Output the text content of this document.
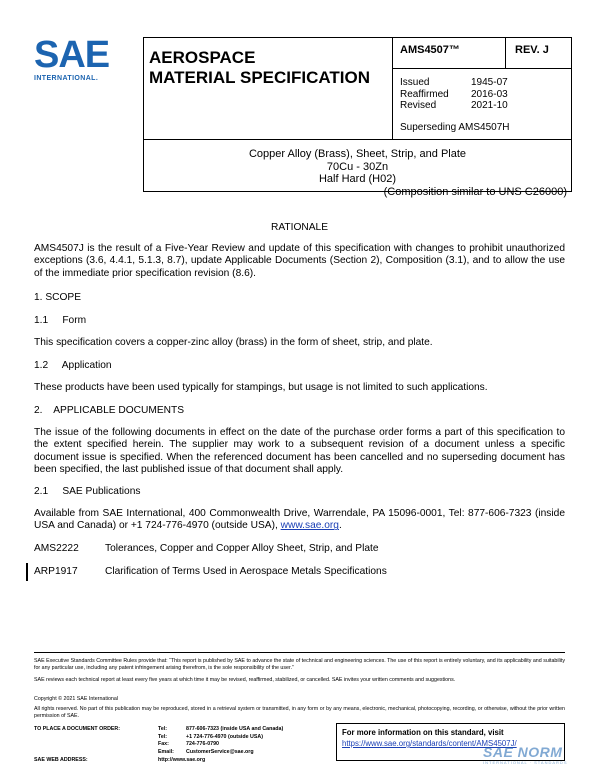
SAE
INTERNATIONAL.
AEROSPACE
MATERIAL SPECIFICATION
AMS4507™	REV. J
Issued	1945-07
Reaffirmed 2016-03
Revised	2021-10
Superseding AMS4507H
Copper Alloy (Brass), Sheet, Strip, and Plate
70Cu - 30Zn
Half Hard (H02)
(Composition similar to UNS C26000)
RATIONALE
AMS4507J is the result of a Five-Year Review and update of this specification with changes to prohibit unauthorized exceptions (3.6, 4.4.1, 5.1.3, 8.7), update Applicable Documents (Section 2), Composition (3.1), and to allow the use of the immediate prior specification revision (8.6).
1. SCOPE
1.1     Form
This specification covers a copper-zinc alloy (brass) in the form of sheet, strip, and plate.
1.2     Application
These products have been used typically for stampings, but usage is not limited to such applications.
2.    APPLICABLE DOCUMENTS
The issue of the following documents in effect on the date of the purchase order forms a part of this specification to the extent specified herein. The supplier may work to a subsequent revision of a document unless a specific document issue is specified. When the referenced document has been cancelled and no superseding document has been specified, the last published issue of that document shall apply.
2.1     SAE Publications
Available from SAE International, 400 Commonwealth Drive, Warrendale, PA 15096-0001, Tel: 877-606-7323 (inside USA and Canada) or +1 724-776-4970 (outside USA), www.sae.org.
AMS2222	Tolerances, Copper and Copper Alloy Sheet, Strip, and Plate
ARP1917	Clarification of Terms Used in Aerospace Metals Specifications
SAE Executive Standards Committee Rules provide that: “This report is published by SAE to advance the state of technical and engineering sciences. The use of this report is entirely voluntary, and its applicability and suitability for any particular use, including any patent infringement arising therefrom, is the sole responsibility of the user.”
SAE reviews each technical report at least every five years at which time it may be revised, reaffirmed, stabilized, or cancelled. SAE invites your written comments and suggestions.
Copyright © 2021 SAE International
All rights reserved. No part of this publication may be reproduced, stored in a retrieval system or transmitted, in any form or by any means, electronic, mechanical, photocopying, recording, or otherwise, without the prior written permission of SAE.
TO PLACE A DOCUMENT ORDER:	Tel:	877-606-7323 (inside USA and Canada)
Tel:	+1 724-776-4970 (outside USA)
Fax:	724-776-0790
Email: CustomerService@sae.org
SAE WEB ADDRESS:	http://www.sae.org
For more information on this standard, visit
https://www.sae.org/standards/content/AMS4507J/
SAE NORM
INTERNATIONAL · STANDARDS
